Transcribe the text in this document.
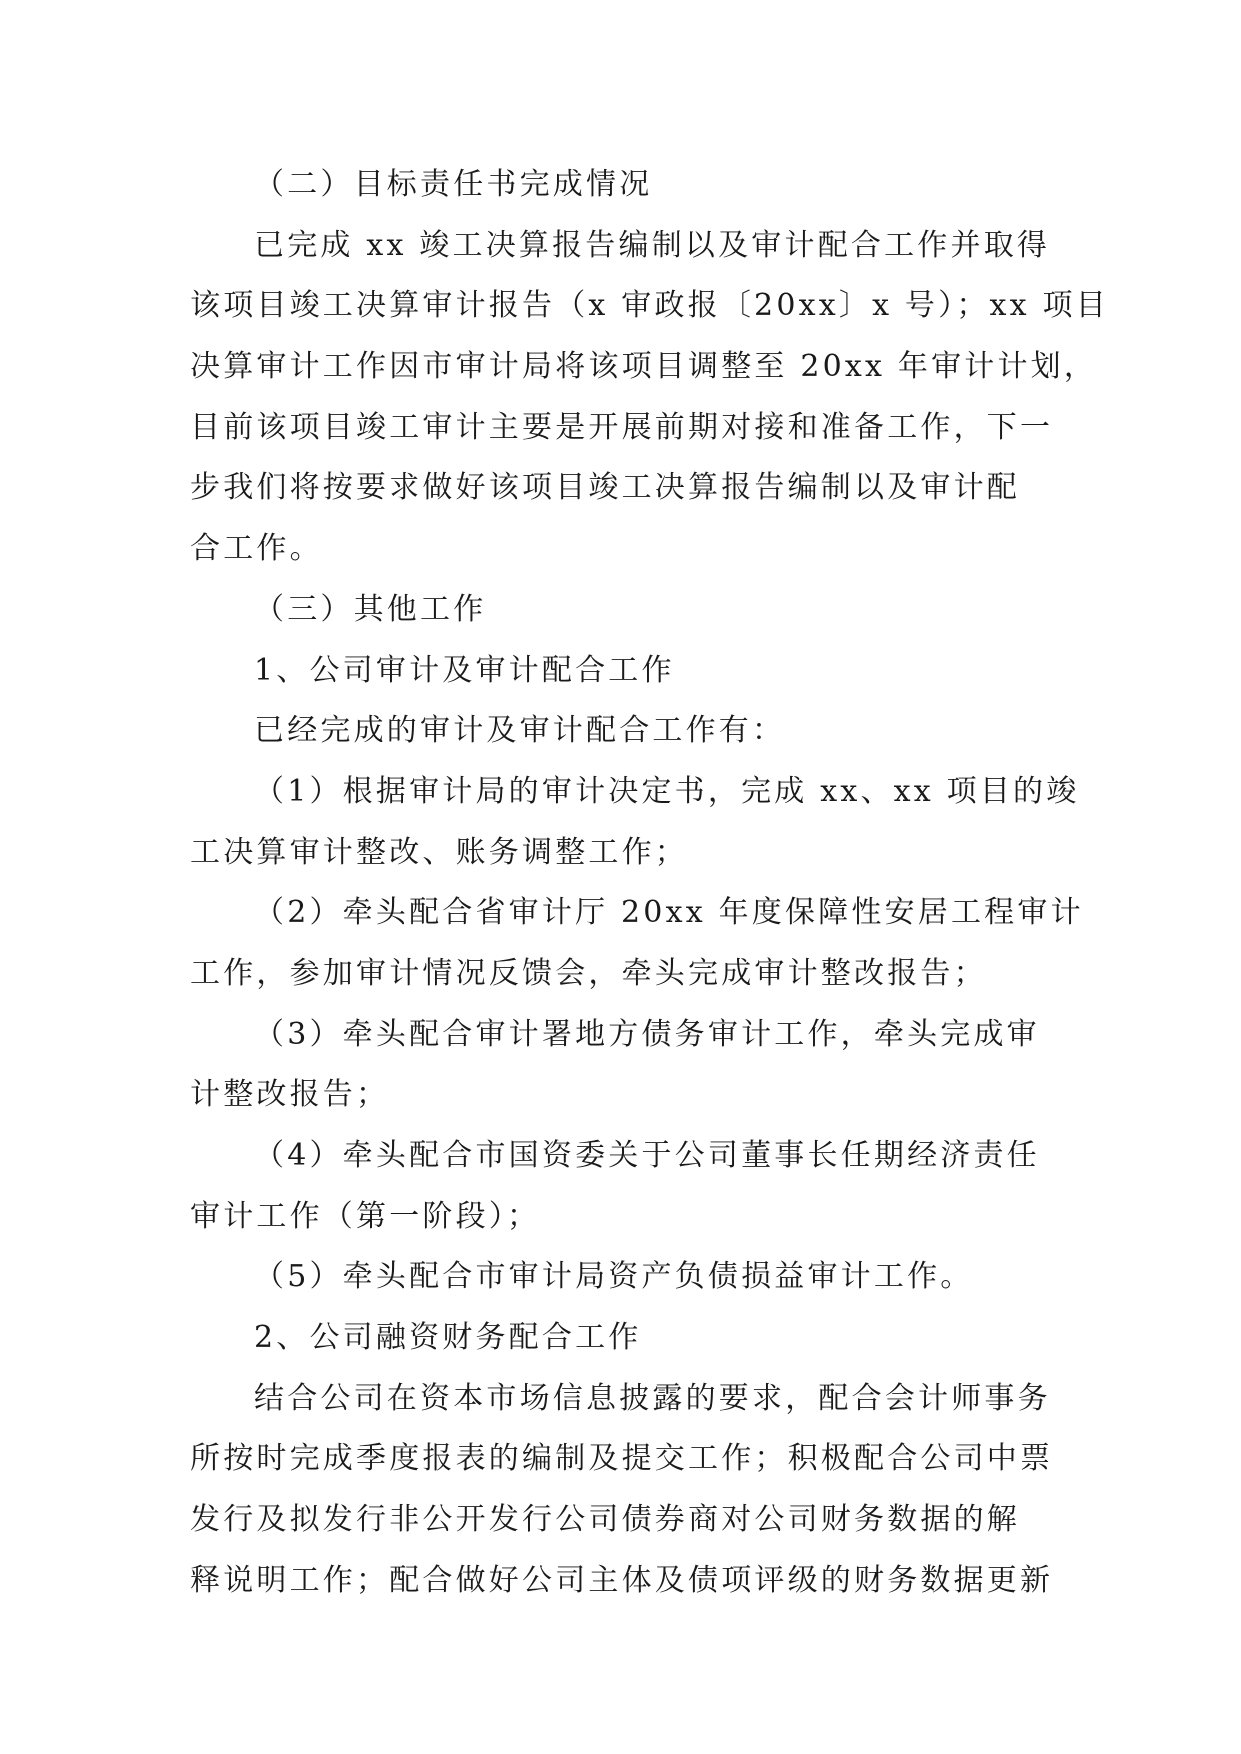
（二）目标责任书完成情况
已完成 xx 竣工决算报告编制以及审计配合工作并取得
该项目竣工决算审计报告（x 审政报〔20xx〕x 号）；xx 项目
决算审计工作因市审计局将该项目调整至 20xx 年审计计划，
目前该项目竣工审计主要是开展前期对接和准备工作，下一
步我们将按要求做好该项目竣工决算报告编制以及审计配
合工作。
（三）其他工作
1、公司审计及审计配合工作
已经完成的审计及审计配合工作有：
（1）根据审计局的审计决定书，完成 xx、xx 项目的竣
工决算审计整改、账务调整工作；
（2）牵头配合省审计厅 20xx 年度保障性安居工程审计
工作，参加审计情况反馈会，牵头完成审计整改报告；
（3）牵头配合审计署地方债务审计工作，牵头完成审
计整改报告；
（4）牵头配合市国资委关于公司董事长任期经济责任
审计工作（第一阶段）；
（5）牵头配合市审计局资产负债损益审计工作。
2、公司融资财务配合工作
结合公司在资本市场信息披露的要求，配合会计师事务
所按时完成季度报表的编制及提交工作；积极配合公司中票
发行及拟发行非公开发行公司债券商对公司财务数据的解
释说明工作；配合做好公司主体及债项评级的财务数据更新
